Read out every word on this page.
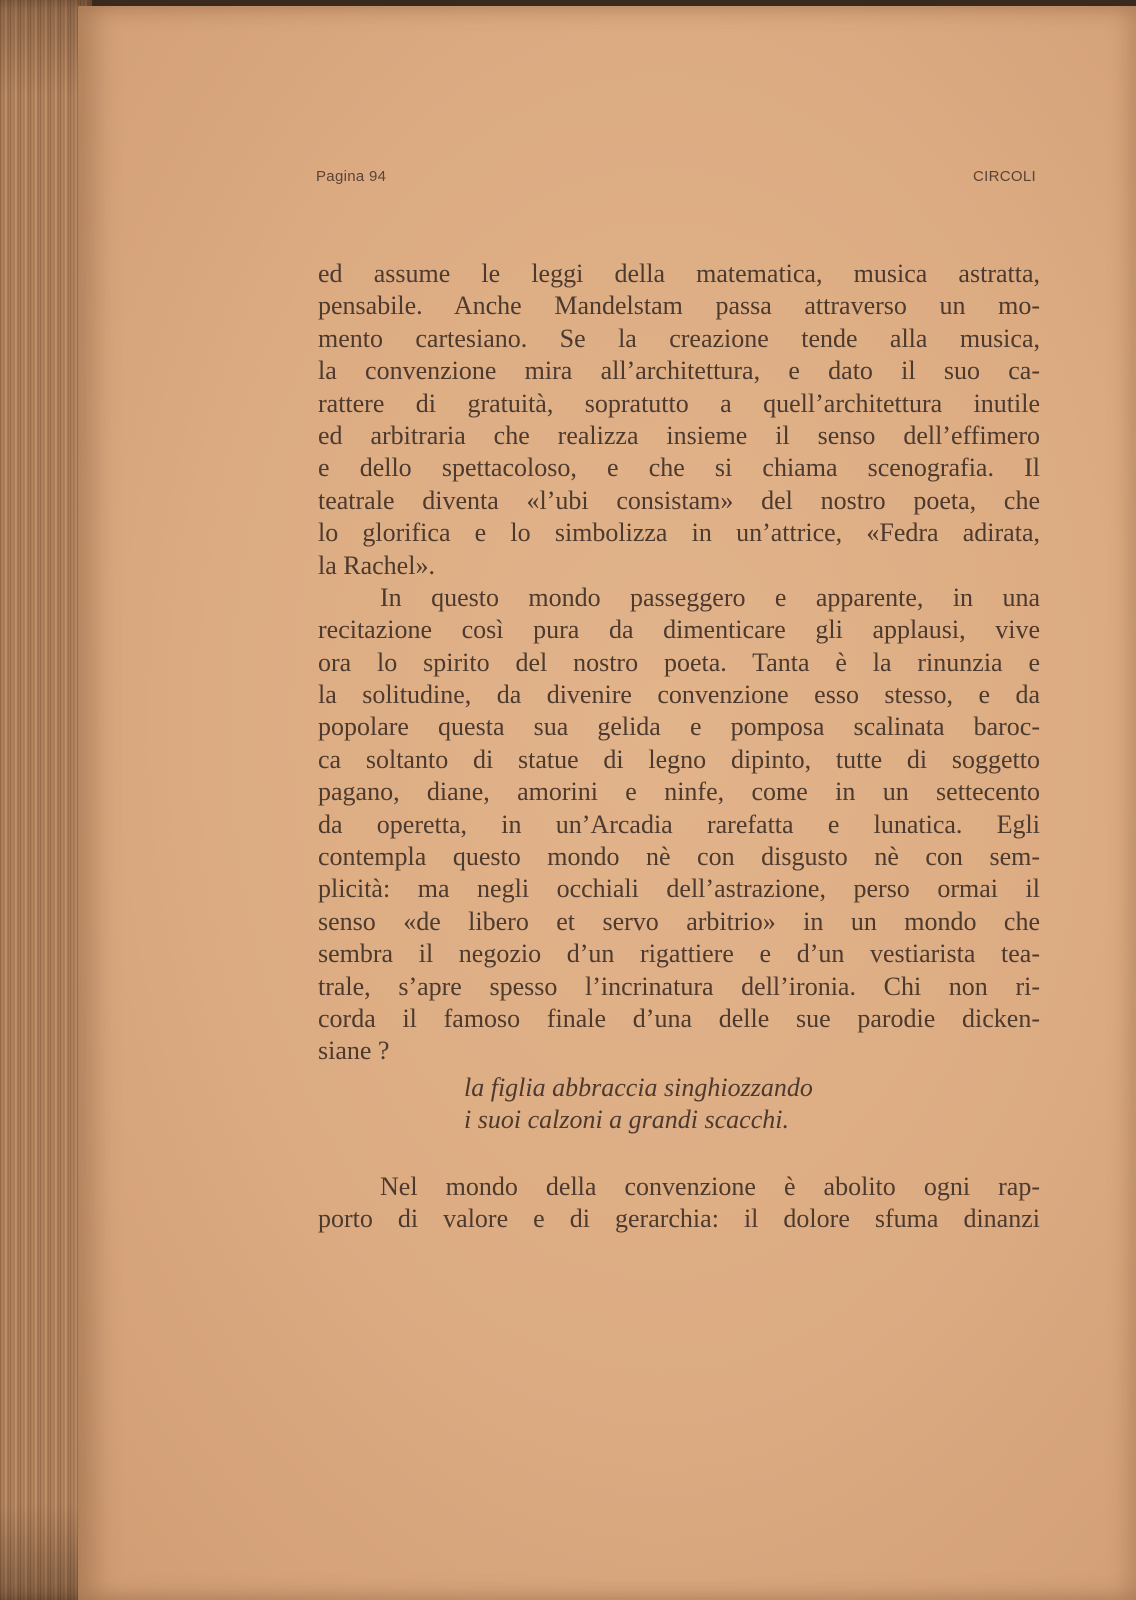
Pagina 94	CIRCOLI
ed assume le leggi della matematica, musica astratta,
pensabile. Anche Mandelstam passa attraverso un mo-
mento cartesiano. Se la creazione tende alla musica,
la convenzione mira all’architettura, e dato il suo ca-
rattere di gratuità, sopratutto a quell’architettura inutile
ed arbitraria che realizza insieme il senso dell’effimero
e dello spettacoloso, e che si chiama scenografia. Il
teatrale diventa «l’ubi consistam» del nostro poeta, che
lo glorifica e lo simbolizza in un’attrice, «Fedra adirata,
la Rachel».
In questo mondo passeggero e apparente, in una
recitazione così pura da dimenticare gli applausi, vive
ora lo spirito del nostro poeta. Tanta è la rinunzia e
la solitudine, da divenire convenzione esso stesso, e da
popolare questa sua gelida e pomposa scalinata baroc-
ca soltanto di statue di legno dipinto, tutte di soggetto
pagano, diane, amorini e ninfe, come in un settecento
da operetta, in un’Arcadia rarefatta e lunatica. Egli
contempla questo mondo nè con disgusto nè con sem-
plicità: ma negli occhiali dell’astrazione, perso ormai il
senso «de libero et servo arbitrio» in un mondo che
sembra il negozio d’un rigattiere e d’un vestiarista tea-
trale, s’apre spesso l’incrinatura dell’ironia. Chi non ri-
corda il famoso finale d’una delle sue parodie dicken-
siane ?
la figlia abbraccia singhiozzando
i suoi calzoni a grandi scacchi.
Nel mondo della convenzione è abolito ogni rap-
porto di valore e di gerarchia: il dolore sfuma dinanzi
